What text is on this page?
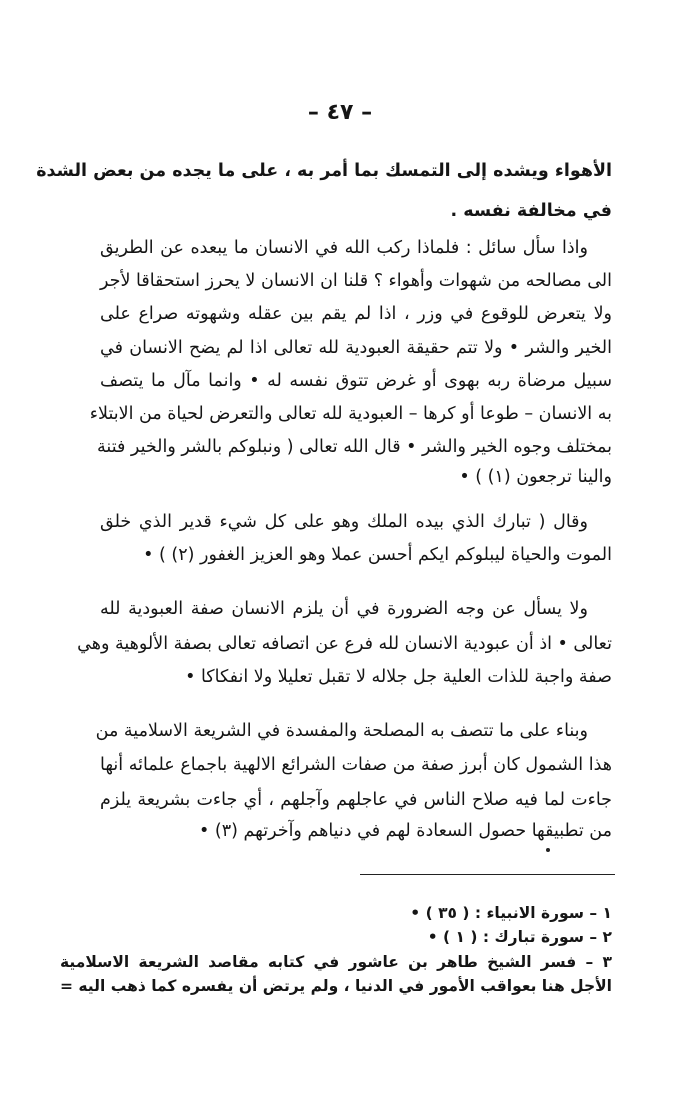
– ٤٧ –
الأهواء ويشده إلى التمسك بما أمر به ، على ما يجده من بعض الشدة
في مخالفة نفسه .
واذا سأل سائل : فلماذا ركب الله في الانسان ما يبعده عن الطريق
الى مصالحه من شهوات وأهواء ؟ قلنا ان الانسان لا يحرز استحقاقا لأجر
ولا يتعرض للوقوع في وزر ، اذا لم يقم بين عقله وشهوته صراع على
الخير والشر • ولا تتم حقيقة العبودية لله تعالى اذا لم يضح الانسان في
سبيل مرضاة ربه بهوى أو غرض تتوق نفسه له • وانما مآل ما يتصف
به الانسان – طوعا أو كرها – العبودية لله تعالى والتعرض لحياة من الابتلاء
بمختلف وجوه الخير والشر • قال الله تعالى ( ونبلوكم بالشر والخير فتنة
والينا ترجعون (١) ) •
وقال ( تبارك الذي بيده الملك وهو على كل شيء قدير الذي خلق
الموت والحياة ليبلوكم ايكم أحسن عملا وهو العزيز الغفور (٢) ) •
ولا يسأل عن وجه الضرورة في أن يلزم الانسان صفة العبودية لله
تعالى • اذ أن عبودية الانسان لله فرع عن اتصافه تعالى بصفة الألوهية وهي
صفة واجبة للذات العلية جل جلاله لا تقبل تعليلا ولا انفكاكا •
وبناء على ما تتصف به المصلحة والمفسدة في الشريعة الاسلامية من
هذا الشمول كان أبرز صفة من صفات الشرائع الالهية باجماع علمائه أنها
جاءت لما فيه صلاح الناس في عاجلهم وآجلهم ، أي جاءت بشريعة يلزم
من تطبيقها حصول السعادة لهم في دنياهم وآخرتهم (٣) •
١ – سورة الانبياء : ( ٣٥ ) •
٢ – سورة تبارك : ( ١ ) •
٣ – فسر الشيخ طاهر بن عاشور في كتابه مقاصد الشريعة الاسلامية
الأجل هنا بعواقب الأمور في الدنيا ، ولم يرتض أن يفسره كما ذهب اليه =
